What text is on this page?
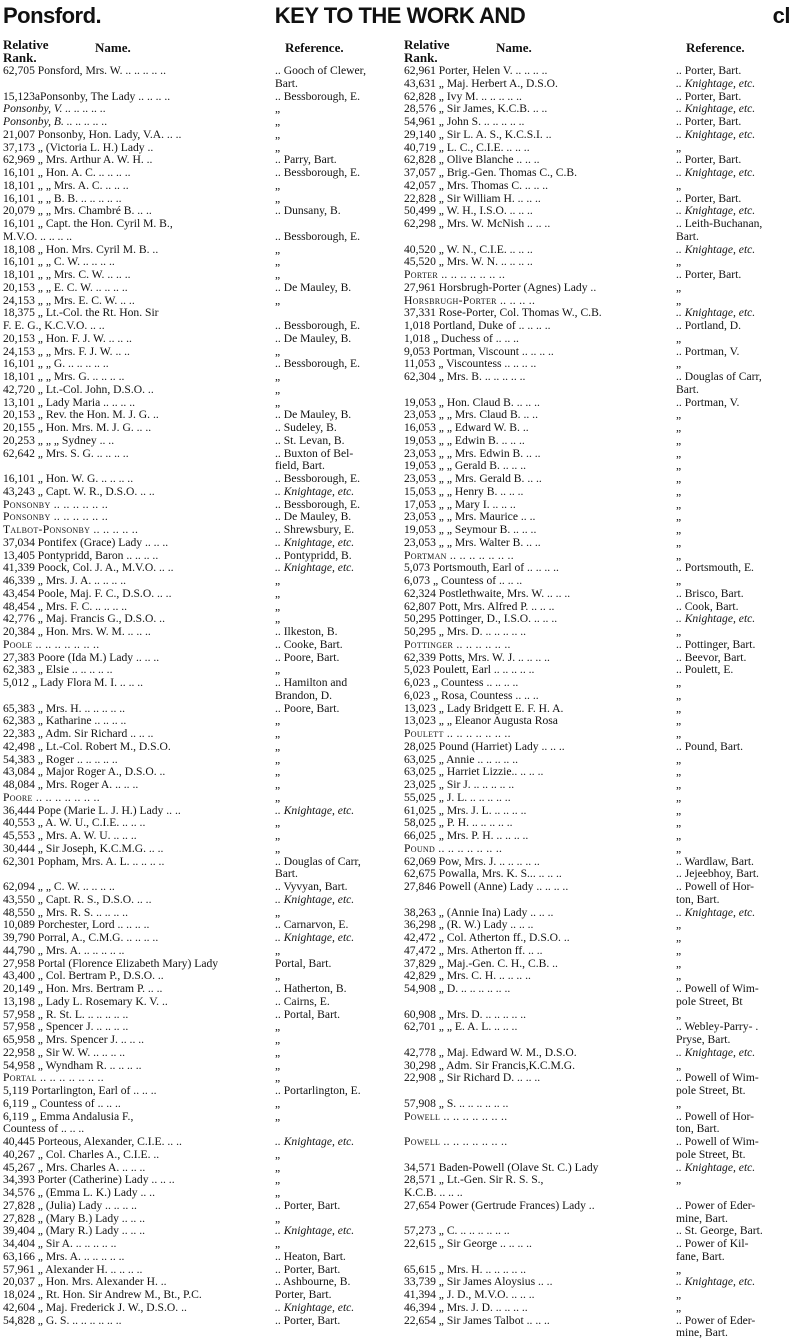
Ponsford.	KEY TO THE WORK AND	cl
Relative
Rank.
Name.	Reference.
62,705 Ponsford, Mrs. W. .. .. .. .. ..	.. Gooch of Clewer,
Bart.
15,123aPonsonby, The Lady .. .. .. ..	.. Bessborough, E.
Ponsonby, V. .. .. .. .. ..	„
Ponsonby, B. .. .. .. .. ..	„
21,007 Ponsonby, Hon. Lady, V.A. .. ..	„
37,173 „ (Victoria L. H.) Lady ..	„
62,969 „ Mrs. Arthur A. W. H. ..	.. Parry, Bart.
16,101 „ Hon. A. C. .. .. .. ..	.. Bessborough, E.
18,101 „ „ Mrs. A. C. .. .. ..	„
16,101 „ „ B. B. .. .. .. .. ..	„
20,079 „ „ Mrs. Chambré B. .. ..	.. Dunsany, B.
16,101 „ Capt. the Hon. Cyril M. B.,
M.V.O. .. .. .. ..	.. Bessborough, E.
18,108 „ Hon. Mrs. Cyril M. B. ..	„
16,101 „ „ C. W. .. .. .. ..	„
18,101 „ „ Mrs. C. W. .. .. ..	„
20,153 „ „ E. C. W. .. .. .. ..	.. De Mauley, B.
24,153 „ „ Mrs. E. C. W. .. ..	„
18,375 „ Lt.-Col. the Rt. Hon. Sir
F. E. G., K.C.V.O. .. ..	.. Bessborough, E.
20,153 „ Hon. F. J. W. .. .. ..	.. De Mauley, B.
24,153 „ „ Mrs. F. J. W. .. ..	„
16,101 „ „ G. .. .. .. .. ..	.. Bessborough, E.
18,101 „ „ Mrs. G. .. .. .. ..	„
42,720 „ Lt.-Col. John, D.S.O. ..	„
13,101 „ Lady Maria .. .. .. ..	„
20,153 „ Rev. the Hon. M. J. G. ..	.. De Mauley, B.
20,155 „ Hon. Mrs. M. J. G. .. ..	.. Sudeley, B.
20,253 „ „ „ Sydney .. ..	.. St. Levan, B.
62,642 „ Mrs. S. G. .. .. .. ..	.. Buxton of Bel-
field, Bart.
16,101 „ Hon. W. G. .. .. .. ..	.. Bessborough, E.
43,243 „ Capt. W. R., D.S.O. .. ..	.. Knightage, etc.
Ponsonby .. .. .. .. .. ..	.. Bessborough, E.
Ponsonby .. .. .. .. .. ..	.. De Mauley, B.
Talbot-Ponsonby .. .. .. .. ..	.. Shrewsbury, E.
37,034 Pontifex (Grace) Lady .. .. ..	.. Knightage, etc.
13,405 Pontypridd, Baron .. .. .. ..	.. Pontypridd, B.
41,339 Poock, Col. J. A., M.V.O. .. ..	.. Knightage, etc.
46,339 „ Mrs. J. A. .. .. .. ..	„
43,454 Poole, Maj. F. C., D.S.O. .. ..	„
48,454 „ Mrs. F. C. .. .. .. ..	„
42,776 „ Maj. Francis G., D.S.O. ..	„
20,384 „ Hon. Mrs. W. M. .. .. ..	.. Ilkeston, B.
Poole .. .. .. .. .. .. ..	.. Cooke, Bart.
27,383 Poore (Ida M.) Lady .. .. ..	.. Poore, Bart.
62,383 „ Elsie .. .. .. .. ..	„
5,012 „ Lady Flora M. I. .. .. ..	.. Hamilton and
Brandon, D.
65,383 „ Mrs. H. .. .. .. .. ..	.. Poore, Bart.
62,383 „ Katharine .. .. .. ..	„
22,383 „ Adm. Sir Richard .. .. ..	„
42,498 „ Lt.-Col. Robert M., D.S.O.	„
54,383 „ Roger .. .. .. .. ..	„
43,084 „ Major Roger A., D.S.O. ..	„
48,084 „ Mrs. Roger A. .. .. ..	„
Poore .. .. .. .. .. .. ..	„
36,444 Pope (Marie L. J. H.) Lady .. ..	.. Knightage, etc.
40,553 „ A. W. U., C.I.E. .. .. ..	„
45,553 „ Mrs. A. W. U. .. .. ..	„
30,444 „ Sir Joseph, K.C.M.G. .. ..	„
62,301 Popham, Mrs. A. L. .. .. .. ..	.. Douglas of Carr,
Bart.
62,094 „ „ C. W. .. .. .. ..	.. Vyvyan, Bart.
43,550 „ Capt. R. S., D.S.O. .. ..	.. Knightage, etc.
48,550 „ Mrs. R. S. .. .. .. ..	„
10,089 Porchester, Lord .. .. .. ..	.. Carnarvon, E.
39,790 Porral, A., C.M.G. .. .. .. ..	.. Knightage, etc.
44,790 „ Mrs. A. .. .. .. .. ..	„
27,958 Portal (Florence Elizabeth Mary) Lady	Portal, Bart.
43,400 „ Col. Bertram P., D.S.O. ..	„
20,149 „ Hon. Mrs. Bertram P. .. ..	.. Hatherton, B.
13,198 „ Lady L. Rosemary K. V. ..	.. Cairns, E.
57,958 „ R. St. L. .. .. .. .. ..	.. Portal, Bart.
57,958 „ Spencer J. .. .. .. ..	„
65,958 „ Mrs. Spencer J. .. .. ..	„
22,958 „ Sir W. W. .. .. .. ..	„
54,958 „ Wyndham R. .. .. .. ..	„
Portal .. .. .. .. .. .. ..	„
5,119 Portarlington, Earl of .. .. ..	.. Portarlington, E.
6,119 „ Countess of .. .. ..	„
6,119 „ Emma Andalusia F.,	„
Countess of .. .. ..
40,445 Porteous, Alexander, C.I.E. .. ..	.. Knightage, etc.
40,267 „ Col. Charles A., C.I.E. ..	„
45,267 „ Mrs. Charles A. .. .. ..	„
34,393 Porter (Catherine) Lady .. .. ..	„
34,576 „ (Emma L. K.) Lady .. ..	„
27,828 „ (Julia) Lady .. .. .. ..	.. Porter, Bart.
27,828 „ (Mary B.) Lady .. .. ..	„
39,404 „ (Mary R.) Lady .. .. ..	.. Knightage, etc.
34,404 „ Sir A. .. .. .. .. ..	„
63,166 „ Mrs. A. .. .. .. .. ..	.. Heaton, Bart.
57,961 „ Alexander H. .. .. .. ..	.. Porter, Bart.
20,037 „ Hon. Mrs. Alexander H. ..	.. Ashbourne, B.
18,024 „ Rt. Hon. Sir Andrew M., Bt., P.C.	Porter, Bart.
42,604 „ Maj. Frederick J. W., D.S.O. ..	.. Knightage, etc.
54,828 „ G. S. .. .. .. .. .. ..	.. Porter, Bart.
Relative
Rank.
Name.	Reference.
62,961 Porter, Helen V. .. .. .. ..	.. Porter, Bart.
43,631 „ Maj. Herbert A., D.S.O.	.. Knightage, etc.
62,828 „ Ivy M. .. .. .. .. ..	.. Porter, Bart.
28,576 „ Sir James, K.C.B. .. ..	.. Knightage, etc.
54,961 „ John S. .. .. .. .. ..	.. Porter, Bart.
29,140 „ Sir L. A. S., K.C.S.I. ..	.. Knightage, etc.
40,719 „ L. C., C.I.E. .. .. ..	„
62,828 „ Olive Blanche .. .. ..	.. Porter, Bart.
37,057 „ Brig.-Gen. Thomas C., C.B.	.. Knightage, etc.
42,057 „ Mrs. Thomas C. .. .. ..	„
22,828 „ Sir William H. .. .. ..	.. Porter, Bart.
50,499 „ W. H., I.S.O. .. .. ..	.. Knightage, etc.
62,298 „ Mrs. W. McNish .. .. ..	.. Leith-Buchanan,
Bart.
40,520 „ W. N., C.I.E. .. .. ..	.. Knightage, etc.
45,520 „ Mrs. W. N. .. .. .. ..	„
Porter .. .. .. .. .. .. ..	.. Porter, Bart.
27,961 Horsbrugh-Porter (Agnes) Lady ..	„
Horsbrugh-Porter .. .. .. ..	„
37,331 Rose-Porter, Col. Thomas W., C.B.	.. Knightage, etc.
1,018 Portland, Duke of .. .. .. ..	.. Portland, D.
1,018 „ Duchess of .. .. ..	„
9,053 Portman, Viscount .. .. .. ..	.. Portman, V.
11,053 „ Viscountess .. .. .. ..	„
62,304 „ Mrs. B. .. .. .. .. ..	.. Douglas of Carr,
Bart.
19,053 „ Hon. Claud B. .. .. ..	.. Portman, V.
23,053 „ „ Mrs. Claud B. .. ..	„
16,053 „ „ Edward W. B. ..	„
19,053 „ „ Edwin B. .. .. ..	„
23,053 „ „ Mrs. Edwin B. .. ..	„
19,053 „ „ Gerald B. .. .. ..	„
23,053 „ „ Mrs. Gerald B. .. ..	„
15,053 „ „ Henry B. .. .. ..	„
17,053 „ „ Mary I. .. .. ..	„
23,053 „ „ Mrs. Maurice .. ..	„
19,053 „ „ Seymour B. .. .. ..	„
23,053 „ „ Mrs. Walter B. .. ..	„
Portman .. .. .. .. .. .. ..	„
5,073 Portsmouth, Earl of .. .. .. ..	.. Portsmouth, E.
6,073 „ Countess of .. .. ..	„
62,324 Postlethwaite, Mrs. W. .. .. ..	.. Brisco, Bart.
62,807 Pott, Mrs. Alfred P. .. .. ..	.. Cook, Bart.
50,295 Pottinger, D., I.S.O. .. .. ..	.. Knightage, etc.
50,295 „ Mrs. D. .. .. .. .. ..	„
Pottinger .. .. .. .. .. ..	.. Pottinger, Bart.
62,339 Potts, Mrs. W. J. .. .. .. ..	.. Beevor, Bart.
5,023 Poulett, Earl .. .. .. .. ..	.. Poulett, E.
6,023 „ Countess .. .. .. ..	„
6,023 „ Rosa, Countess .. .. ..	„
13,023 „ Lady Bridgett E. F. H. A.	„
13,023 „ „ Eleanor Augusta Rosa	„
Poulett .. .. .. .. .. .. ..	„
28,025 Pound (Harriet) Lady .. .. ..	.. Pound, Bart.
63,025 „ Annie .. .. .. .. ..	„
63,025 „ Harriet Lizzie.. .. .. ..	„
23,025 „ Sir J. .. .. .. .. ..	„
55,025 „ J. L. .. .. .. .. ..	„
61,025 „ Mrs. J. L. .. .. .. ..	„
58,025 „ P. H. .. .. .. .. ..	„
66,025 „ Mrs. P. H. .. .. .. ..	„
Pound .. .. .. .. .. .. ..	„
62,069 Pow, Mrs. J. .. .. .. .. ..	.. Wardlaw, Bart.
62,675 Powalla, Mrs. K. S... .. .. ..	.. Jejeebhoy, Bart.
27,846 Powell (Anne) Lady .. .. .. ..	.. Powell of Hor-
ton, Bart.
38,263 „ (Annie Ina) Lady .. .. ..	.. Knightage, etc.
36,298 „ (R. W.) Lady .. .. ..	„
42,472 „ Col. Atherton ff., D.S.O. ..	„
47,472 „ Mrs. Atherton ff. .. ..	„
37,829 „ Maj.-Gen. C. H., C.B. ..	„
42,829 „ Mrs. C. H. .. .. .. ..	„
54,908 „ D. .. .. .. .. .. ..	.. Powell of Wim-
pole Street, Bt
60,908 „ Mrs. D. .. .. .. .. ..	„
62,701 „ „ E. A. L. .. .. ..	.. Webley-Parry- .
Pryse, Bart.
42,778 „ Maj. Edward W. M., D.S.O.	.. Knightage, etc.
30,298 „ Adm. Sir Francis,K.C.M.G.	„
22,908 „ Sir Richard D. .. .. ..	.. Powell of Wim-
pole Street, Bt.
57,908 „ S. .. .. .. .. .. ..	„
Powell .. .. .. .. .. .. ..	.. Powell of Hor-
ton, Bart.
Powell .. .. .. .. .. .. ..	.. Powell of Wim-
pole Street, Bt.
34,571 Baden-Powell (Olave St. C.) Lady	.. Knightage, etc.
28,571 „ Lt.-Gen. Sir R. S. S.,	„
K.C.B. .. .. ..
27,654 Power (Gertrude Frances) Lady ..	.. Power of Eder-
mine, Bart.
57,273 „ C. .. .. .. .. .. ..	.. St. George, Bart.
22,615 „ Sir George .. .. .. ..	.. Power of Kil-
fane, Bart.
65,615 „ Mrs. H. .. .. .. .. ..	„
33,739 „ Sir James Aloysius .. ..	.. Knightage, etc.
41,394 „ J. D., M.V.O. .. .. ..	„
46,394 „ Mrs. J. D. .. .. .. ..	„
22,654 „ Sir James Talbot .. .. ..	.. Power of Eder-
mine, Bart.
